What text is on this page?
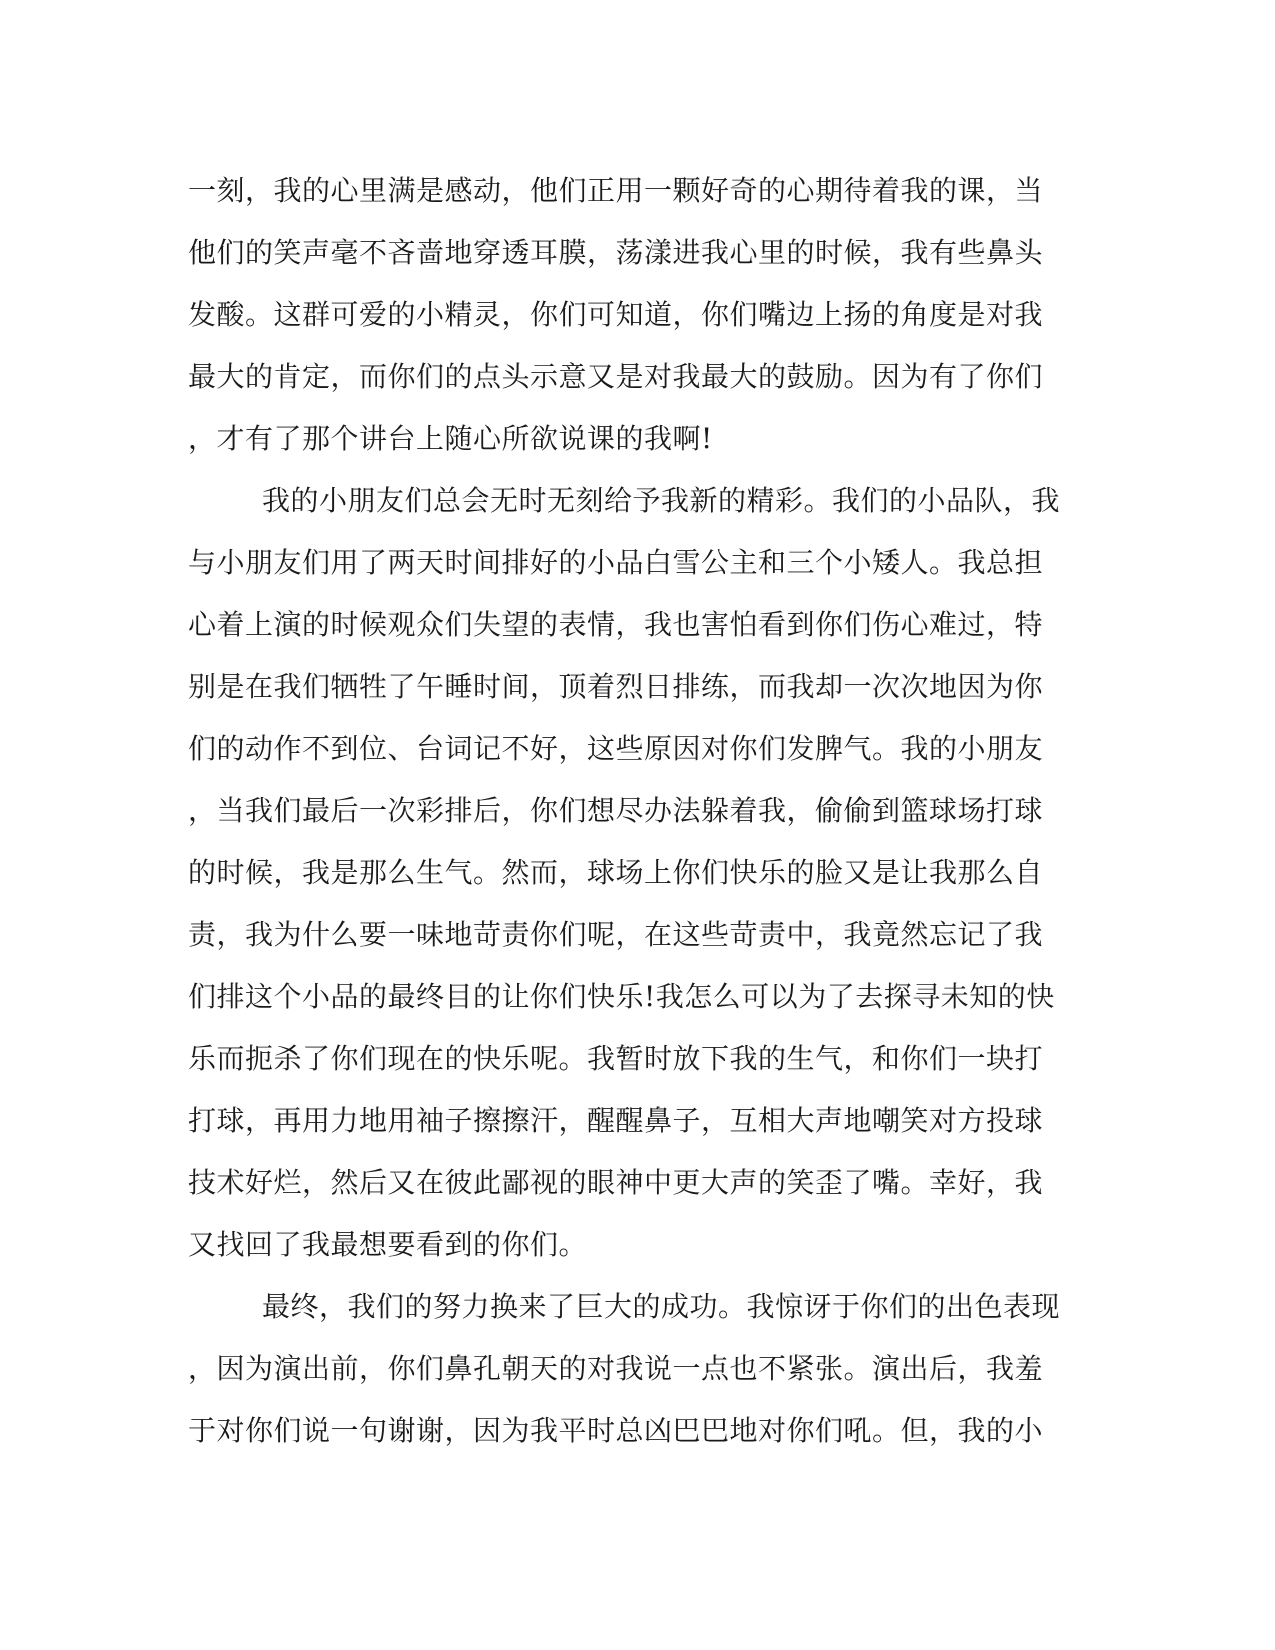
一刻，我的心里满是感动，他们正用一颗好奇的心期待着我的课，当
他们的笑声毫不吝啬地穿透耳膜，荡漾进我心里的时候，我有些鼻头
发酸。这群可爱的小精灵，你们可知道，你们嘴边上扬的角度是对我
最大的肯定，而你们的点头示意又是对我最大的鼓励。因为有了你们
，才有了那个讲台上随心所欲说课的我啊!
我的小朋友们总会无时无刻给予我新的精彩。我们的小品队，我
与小朋友们用了两天时间排好的小品白雪公主和三个小矮人。我总担
心着上演的时候观众们失望的表情，我也害怕看到你们伤心难过，特
别是在我们牺牲了午睡时间，顶着烈日排练，而我却一次次地因为你
们的动作不到位、台词记不好，这些原因对你们发脾气。我的小朋友
，当我们最后一次彩排后，你们想尽办法躲着我，偷偷到篮球场打球
的时候，我是那么生气。然而，球场上你们快乐的脸又是让我那么自
责，我为什么要一味地苛责你们呢，在这些苛责中，我竟然忘记了我
们排这个小品的最终目的让你们快乐!我怎么可以为了去探寻未知的快
乐而扼杀了你们现在的快乐呢。我暂时放下我的生气，和你们一块打
打球，再用力地用袖子擦擦汗，醒醒鼻子，互相大声地嘲笑对方投球
技术好烂，然后又在彼此鄙视的眼神中更大声的笑歪了嘴。幸好，我
又找回了我最想要看到的你们。
最终，我们的努力换来了巨大的成功。我惊讶于你们的出色表现
，因为演出前，你们鼻孔朝天的对我说一点也不紧张。演出后，我羞
于对你们说一句谢谢，因为我平时总凶巴巴地对你们吼。但，我的小
